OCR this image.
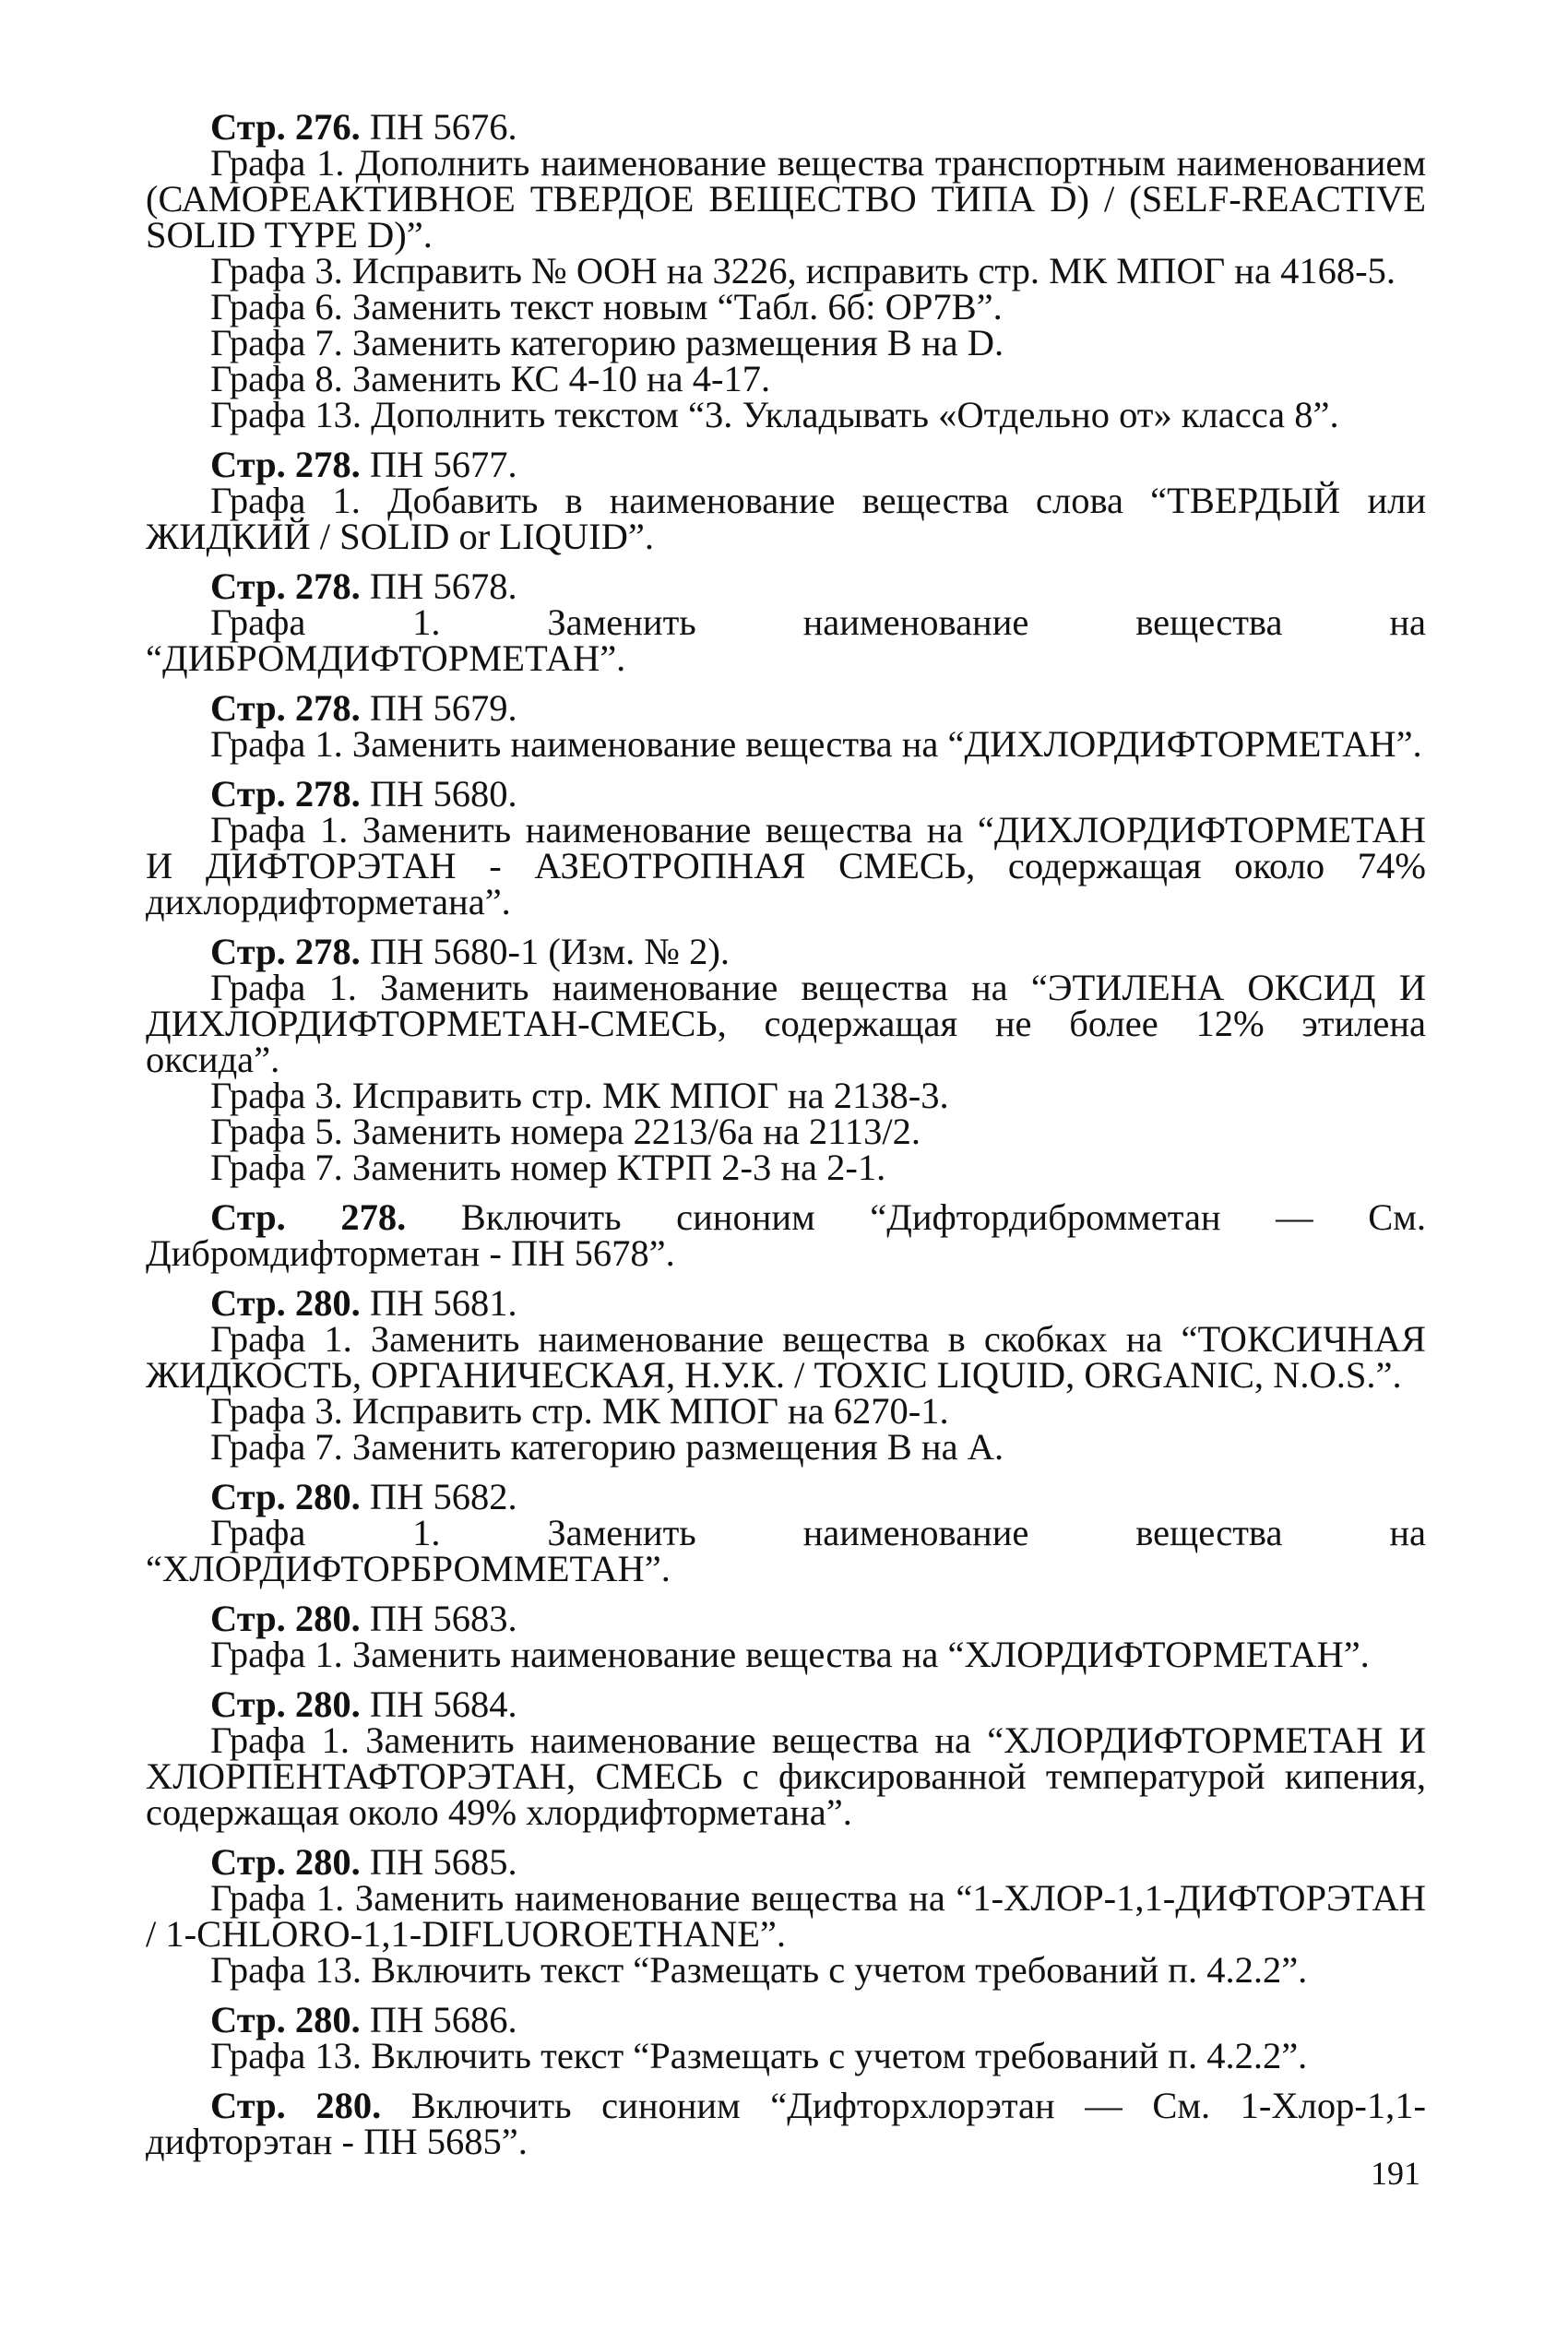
Стр. 276. ПН 5676.

Графа 1. Дополнить наименование вещества транспортным наименованием (САМОРЕАКТИВНОЕ ТВЕРДОЕ ВЕЩЕСТВО ТИПА D) / (SELF-REACTIVE SOLID TYPE D)”.

Графа 3. Исправить № ООН на 3226, исправить стр. МК МПОГ на 4168-5.

Графа 6. Заменить текст новым “Табл. 6б: ОР7В”.

Графа 7. Заменить категорию размещения В на D.

Графа 8. Заменить КС 4-10 на 4-17.

Графа 13. Дополнить текстом “3. Укладывать «Отдельно от» класса 8”.

Стр. 278. ПН 5677.

Графа 1. Добавить в наименование вещества слова “ТВЕРДЫЙ или ЖИДКИЙ / SOLID or LIQUID”.

Стр. 278. ПН 5678.

Графа 1. Заменить наименование вещества на “ДИБРОМДИФТОРМЕТАН”.

Стр. 278. ПН 5679.

Графа 1. Заменить наименование вещества на “ДИХЛОРДИФТОРМЕТАН”.

Стр. 278. ПН 5680.

Графа 1. Заменить наименование вещества на “ДИХЛОРДИФТОРМЕТАН И ДИФТОРЭТАН - АЗЕОТРОПНАЯ СМЕСЬ, содержащая около 74% дихлордифторметана”.

Стр. 278. ПН 5680-1 (Изм. № 2).

Графа 1. Заменить наименование вещества на “ЭТИЛЕНА ОКСИД И ДИХЛОРДИФТОРМЕТАН-СМЕСЬ, содержащая не более 12% этилена оксида”.

Графа 3. Исправить стр. МК МПОГ на 2138-3.

Графа 5. Заменить номера 2213/6а на 2113/2.

Графа 7. Заменить номер КТРП 2-3 на 2-1.

Стр. 278. Включить синоним “Дифтордибромметан — См. Дибромдифторметан - ПН 5678”.

Стр. 280. ПН 5681.

Графа 1. Заменить наименование вещества в скобках на “ТОКСИЧНАЯ ЖИДКОСТЬ, ОРГАНИЧЕСКАЯ, Н.У.К. / TOXIC LIQUID, ORGANIC, N.O.S.”.

Графа 3. Исправить стр. МК МПОГ на 6270-1.

Графа 7. Заменить категорию размещения В на А.

Стр. 280. ПН 5682.

Графа 1. Заменить наименование вещества на “ХЛОРДИФТОРБРОММЕТАН”.

Стр. 280. ПН 5683.

Графа 1. Заменить наименование вещества на “ХЛОРДИФТОРМЕТАН”.

Стр. 280. ПН 5684.

Графа 1. Заменить наименование вещества на “ХЛОРДИФТОРМЕТАН И ХЛОРПЕНТАФТОРЭТАН, СМЕСЬ с фиксированной температурой кипения, содержащая около 49% хлордифторметана”.

Стр. 280. ПН 5685.

Графа 1. Заменить наименование вещества на “1-ХЛОР-1,1-ДИФТОРЭТАН / 1-CHLORO-1,1-DIFLUOROETHANE”.

Графа 13. Включить текст “Размещать с учетом требований п. 4.2.2”.

Стр. 280. ПН 5686.

Графа 13. Включить текст “Размещать с учетом требований п. 4.2.2”.

Стр. 280. Включить синоним “Дифторхлорэтан — См. 1-Хлор-1,1-дифторэтан - ПН 5685”.

191
